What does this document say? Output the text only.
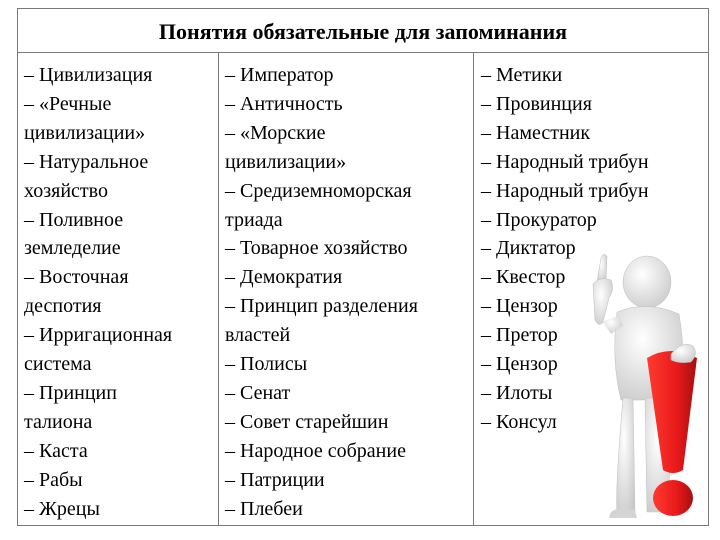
Понятия обязательные для запоминания
– Цивилизация
– «Речные
цивилизации»
– Натуральное
хозяйство
– Поливное
земледелие
– Восточная
деспотия
– Ирригационная
система
– Принцип
талиона
– Каста
– Рабы
– Жрецы
– Император
– Античность
– «Морские
цивилизации»
– Средиземноморская
триада
– Товарное хозяйство
– Демократия
– Принцип разделения
властей
– Полисы
– Сенат
– Совет старейшин
– Народное собрание
– Патриции
– Плебеи
– Метики
– Провинция
– Наместник
– Народный трибун
– Народный трибун
– Прокуратор
– Диктатор
– Квестор
– Цензор
– Претор
– Цензор
– Илоты
– Консул
